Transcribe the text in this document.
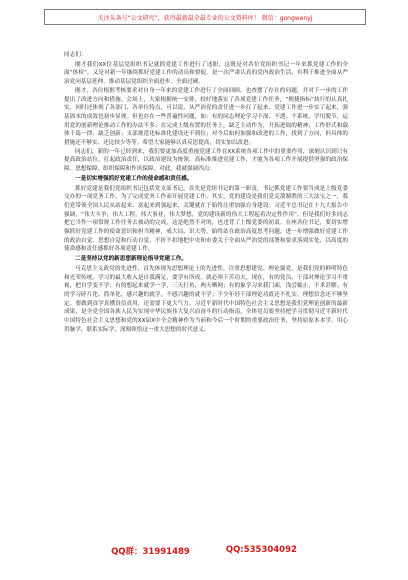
关注头条号“公文研究”，获得最新最全最专业的公文资料库！ 微信：gongwenyj

同志们：

刚才我们XX位基层党组织书记就抓党建工作进行了述职，这既是对各位党组织书记一年来抓党建工作的全面“体检”，又是对新一年继续抓好党建工作的动员和督促，是一次严肃认真的党内政治生活，有利于推进全面从严治党向基层延伸，推动基层党组织全面进步、全面过硬。

刚才，各位根据考核要求对自身一年来的党建工作进行了全面回顾，也查摆了存在的问题，并对下一步的工作提出了改进方向和措施。会场上，大家根据统一安排，较好地落实了各项党建工作任务，“便捷指标”执行的认真扎实，同时还体现了各部门、各单位特点，可以说，从严治党的责任进一步扛了起来、党建工作进一步实了起来，强基固本的成效也初步显现。但也存在一些普遍性问题，如：有的同志理论学习不深、不透、不系统，学用脱节，运用党的创新理论推动工作的办法不多；在完成上级布置的任务上，缺乏主动作为，开拓进取的精神；工作形式和载体千篇一律、缺乏创新；支部规范化标准化建设还不到位；对今后如何加强和改进的工作，找到了方向，但具体的措施还不够实、还比较少等等。希望大家能够认真反思提高，切实加以改进。

同志们，新的一年已经到来，我们要更加高度重视党建工作在XX系统各项工作中的重要作用，深刻认识到只有提高政治站位，扛起政治责任，以政治建设为统领，高标准推进党建工作，才能为各项工作开展提供坚强的政治保障、思想保障、组织保障和作风保障。对此，我就强调四点：

一是切实增强抓好党建工作的使命感和责任感。

抓好党建是我们党组织书记包括党支部书记，首先是党组书记的第一职责，书记抓党建工作要当成是上级党委交办的一项党务工作，为了完成党务工作而开展党建工作。其实，党的建设是我们党克敌制胜的三大法宝之一，我们党带领全国人民从站起来、富起来到强起来，关键就在于始终注重加强自身建设。习近平总书记在十九大报告中强调，“伟大斗争，伟大工程，伟大事业，伟大梦想，党的建设新的伟大工程起着决定性作用”。但是我们好多同志把它当作一项常规工作任务去被动的完成，这是绝然不对的，也违背了上级党委的初衷。在座各位书记，要切实增强抓好党建工作的使命意识和担当精神，戒大局、识大势，始终站在政治高度思考问题，进一步增强做好党建工作的政治自觉、思想自觉和行动自觉，不折不扣地把中央和市委关于全面从严治党的部署和要求落到实处，以高度的使命感和责任感抓好各项党建工作。

二是坚持以党的新思想新理论指导党建工作。

马克思主义政党的先进性，首先体现为思想理论上的先进性。注重思想建党、理论强党，是我们党的鲜明特色和光荣传统。学习的最大收入是自我满足，要学有所成。就必须下苦功夫。现在，有的党员、干部对理论学习不重视，把自学变不学；有的想起来就学一学，三天打鱼、两天晒网；有的象学习来我门面，浅尝辄止，不求甚解；有的学习碎片化、简单化，感兴趣的就学，不感兴趣的就不学；不少年轻干部理论功底还不扎实，理想信念还不够坚定。要做到真学真懂真信真用，还需要下更大气力。习近平新时代中国特色社会主义思想是我们党理论创新的最新成果，是全党全国各族人民为实现中华民族伟大复兴而奋斗的行动指南，全体党员要坚持把学习贯彻习近平新时代中国特色社会主义思想和党的XX届X中全会精神作为当前和今后一个时期的重要政治任务，坚持原原本本学、用心用脑学、联系实际学，深刻领悟这一重大思想的时代意义、

QQ群：31991489	QQ:535304092
